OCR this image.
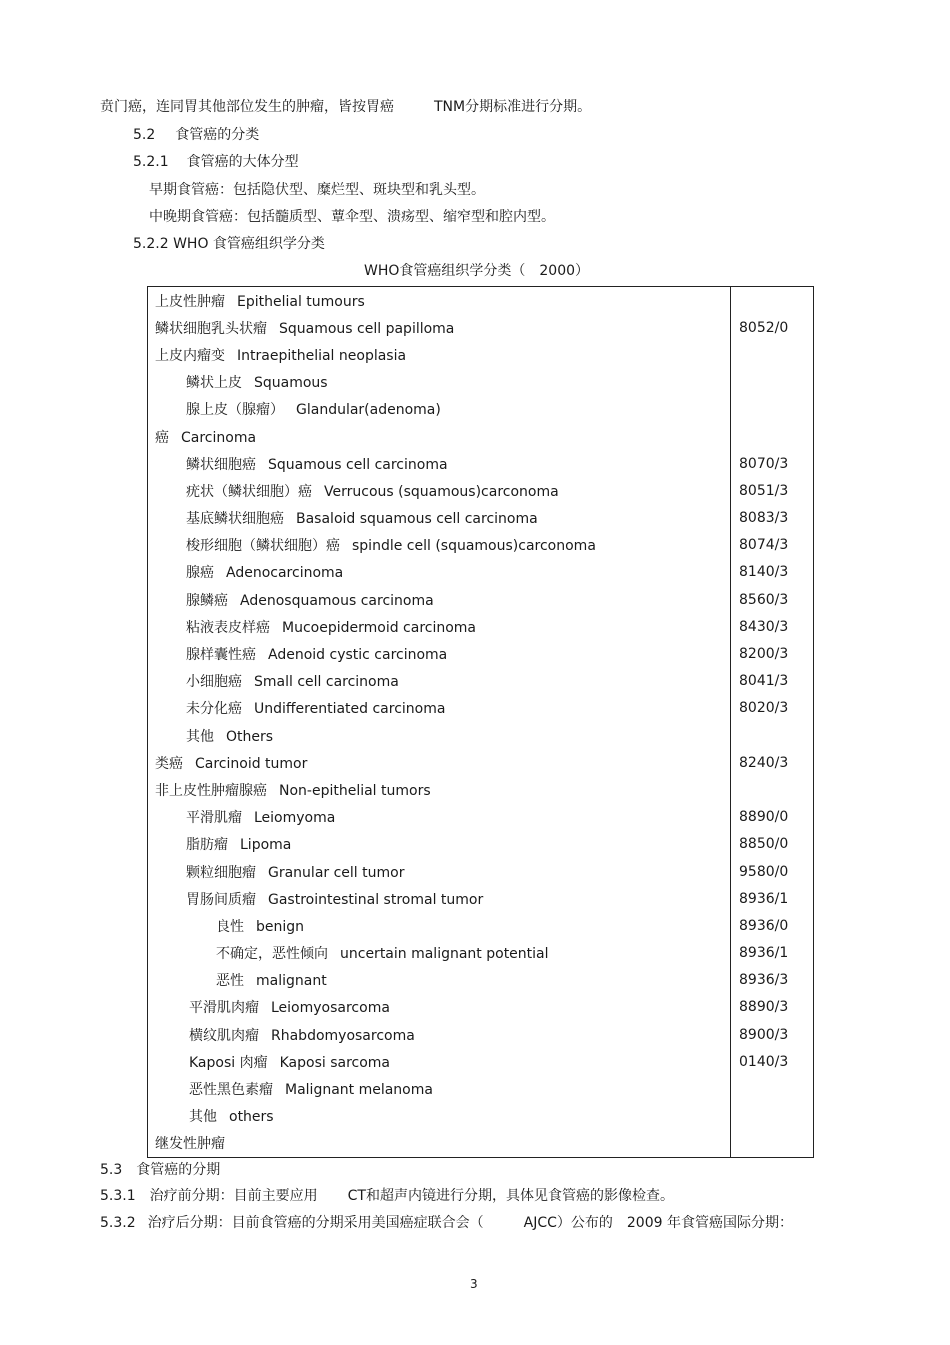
贲门癌，连同胃其他部位发生的肿瘤，皆按胃癌	TNM分期标准进行分期。
5.2 食管癌的分类
5.2.1 食管癌的大体分型
早期食管癌：包括隐伏型、糜烂型、斑块型和乳头型。
中晚期食管癌：包括髓质型、蕈伞型、溃疡型、缩窄型和腔内型。
5.2.2 WHO 食管癌组织学分类
WHO食管癌组织学分类（ 2000）
上皮性肿瘤 Epithelial tumours	
鳞状细胞乳头状瘤 Squamous cell papilloma	8052/0
上皮内瘤变 Intraepithelial neoplasia	
鳞状上皮 Squamous	
腺上皮（腺瘤） Glandular(adenoma)	
癌 Carcinoma	
鳞状细胞癌 Squamous cell carcinoma	8070/3
疣状（鳞状细胞）癌 Verrucous (squamous)carconoma	8051/3
基底鳞状细胞癌 Basaloid squamous cell carcinoma	8083/3
梭形细胞（鳞状细胞）癌 spindle cell (squamous)carconoma	8074/3
腺癌 Adenocarcinoma	8140/3
腺鳞癌 Adenosquamous carcinoma	8560/3
粘液表皮样癌 Mucoepidermoid carcinoma	8430/3
腺样囊性癌 Adenoid cystic carcinoma	8200/3
小细胞癌 Small cell carcinoma	8041/3
未分化癌 Undifferentiated carcinoma	8020/3
其他 Others	
类癌 Carcinoid tumor	8240/3
非上皮性肿瘤腺癌 Non-epithelial tumors	
平滑肌瘤 Leiomyoma	8890/0
脂肪瘤 Lipoma	8850/0
颗粒细胞瘤 Granular cell tumor	9580/0
胃肠间质瘤 Gastrointestinal stromal tumor	8936/1
良性 benign	8936/0
不确定，恶性倾向 uncertain malignant potential	8936/1
恶性 malignant	8936/3
平滑肌肉瘤 Leiomyosarcoma	8890/3
横纹肌肉瘤 Rhabdomyosarcoma	8900/3
Kaposi 肉瘤 Kaposi sarcoma	0140/3
恶性黑色素瘤 Malignant melanoma	
其他 others	
继发性肿瘤	
5.3 食管癌的分期
5.3.1 治疗前分期：目前主要应用 CT和超声内镜进行分期，具体见食管癌的影像检查。
5.3.2 治疗后分期：目前食管癌的分期采用美国癌症联合会（	AJCC）公布的 2009 年食管癌国际分期：
3
